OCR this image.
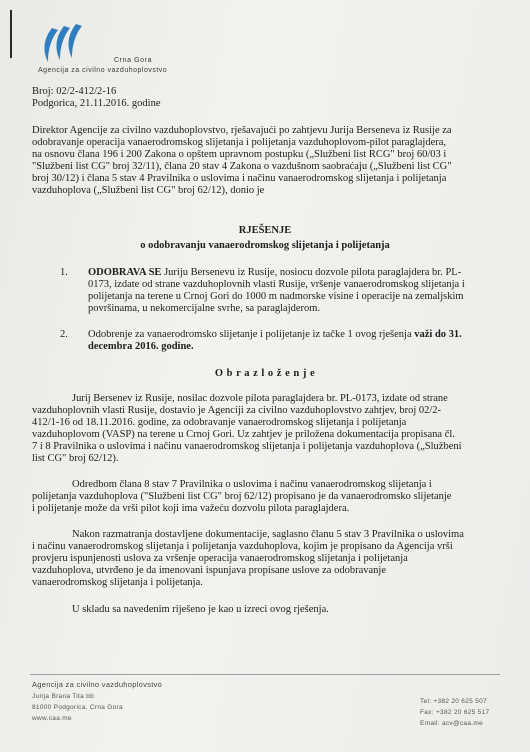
Crna Gora
Agencija za civilno vazduhoplovstvo
Broj: 02/2-412/2-16
Podgorica, 21.11.2016. godine
Direktor Agencije za civilno vazduhoplovstvo, rješavajući po zahtjevu Jurija Berseneva iz Rusije za
odobravanje operacija vanaerodromskog slijetanja i polijetanja vazduhoplovom-pilot paraglajdera,
na osnovu člana 196 i 200 Zakona o opštem upravnom postupku („Službeni list RCG" broj 60/03 i
"Službeni list CG" broj 32/11), člana 20 stav 4 Zakona o vazdušnom saobraćaju („Službeni list CG"
broj 30/12) i člana 5 stav 4 Pravilnika o uslovima i načinu vanaerodromskog slijetanja i polijetanja
vazduhoplova („Službeni list CG" broj 62/12), donio je
RJEŠENJE
o odobravanju vanaerodromskog slijetanja i polijetanja
1. ODOBRAVA SE Juriju Bersenevu iz Rusije, nosiocu dozvole pilota paraglajdera br. PL-
0173, izdate od strane vazduhoplovnih vlasti Rusije, vršenje vanaerodromskog slijetanja i
polijetanja na terene u Crnoj Gori do 1000 m nadmorske visine i operacije na zemaljskim
površinama, u nekomercijalne svrhe, sa paraglajderom.
2. Odobrenje za vanaerodromsko slijetanje i polijetanje iz tačke 1 ovog rješenja važi do 31.
decembra 2016. godine.
O b r a z l o ž e n j e
Jurij Bersenev iz Rusije, nosilac dozvole pilota paraglajdera br. PL-0173, izdate od strane
vazduhoplovnih vlasti Rusije, dostavio je Agenciji za civilno vazduhoplovstvo zahtjev, broj 02/2-
412/1-16 od 18.11.2016. godine, za odobravanje vanaerodromskog slijetanja i polijetanja
vazduhoplovom (VASP) na terene u Crnoj Gori. Uz zahtjev je priložena dokumentacija propisana čl.
7 i 8 Pravilnika o uslovima i načinu vanaerodromskog slijetanja i polijetanja vazduhoplova („Službeni
list CG" broj 62/12).
Odredbom člana 8 stav 7 Pravilnika o uslovima i načinu vanaerodromskog slijetanja i
polijetanja vazduhoplova ("Službeni list CG" broj 62/12) propisano je da vanaerodromsko slijetanje
i polijetanje može da vrši pilot koji ima važeću dozvolu pilota paraglajdera.
Nakon razmatranja dostavljene dokumentacije, saglasno članu 5 stav 3 Pravilnika o uslovima
i načinu vanaerodromskog slijetanja i polijetanja vazduhoplova, kojim je propisano da Agencija vrši
provjeru ispunjenosti uslova za vršenje operacija vanaerodromskog slijetanja i polijetanja
vazduhoplova, utvrđeno je da imenovani ispunjava propisane uslove za odobravanje
vanaerodromskog slijetanja i polijetanja.
U skladu sa navedenim riješeno je kao u izreci ovog rješenja.
Agencija za civilno vazduhoplovstvo
Jurija Brana Tita bb
81000 Podgorica, Crna Gora
www.caa.me
Tel: +382 20 625 507
Fax: +382 20 625 517
Email: acv@caa.me
